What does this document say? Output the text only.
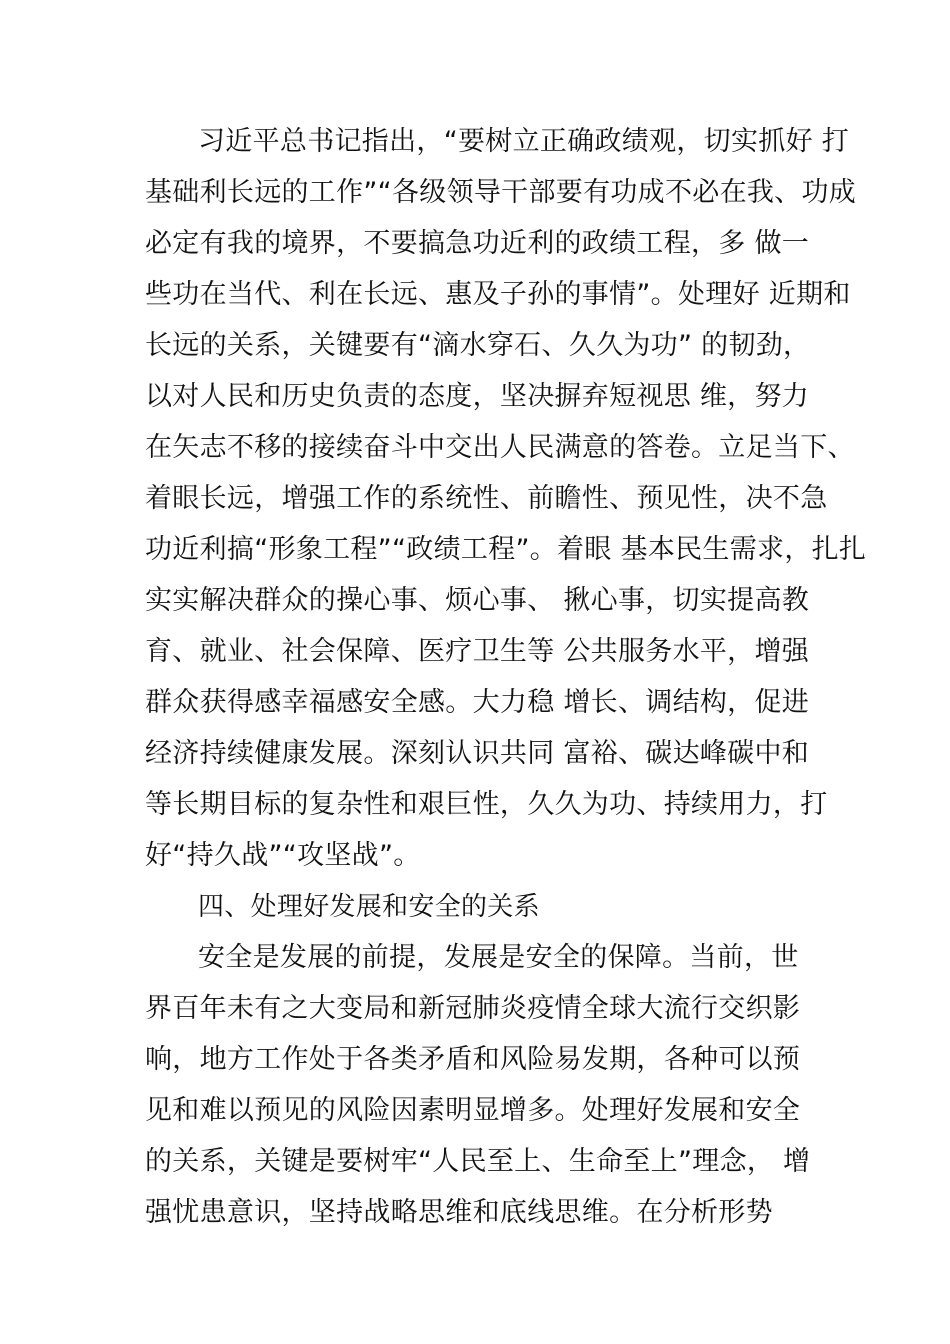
习近平总书记指出，“要树立正确政绩观，切实抓好 打
基础利长远的工作”“各级领导干部要有功成不必在我、功成
必定有我的境界，不要搞急功近利的政绩工程，多 做一
些功在当代、利在长远、惠及子孙的事情”。处理好 近期和
长远的关系，关键要有“滴水穿石、久久为功” 的韧劲，
以对人民和历史负责的态度，坚决摒弃短视思 维，努力
在矢志不移的接续奋斗中交出人民满意的答卷。立足当下、
着眼长远，增强工作的系统性、前瞻性、预见性，决不急
功近利搞“形象工程”“政绩工程”。着眼 基本民生需求，扎扎
实实解决群众的操心事、烦心事、 揪心事，切实提高教
育、就业、社会保障、医疗卫生等 公共服务水平，增强
群众获得感幸福感安全感。大力稳 增长、调结构，促进
经济持续健康发展。深刻认识共同 富裕、碳达峰碳中和
等长期目标的复杂性和艰巨性，久久为功、持续用力，打
好“持久战”“攻坚战”。
四、处理好发展和安全的关系
安全是发展的前提，发展是安全的保障。当前，世
界百年未有之大变局和新冠肺炎疫情全球大流行交织影
响，地方工作处于各类矛盾和风险易发期，各种可以预
见和难以预见的风险因素明显增多。处理好发展和安全
的关系，关键是要树牢“人民至上、生命至上”理念， 增
强忧患意识，坚持战略思维和底线思维。在分析形势
